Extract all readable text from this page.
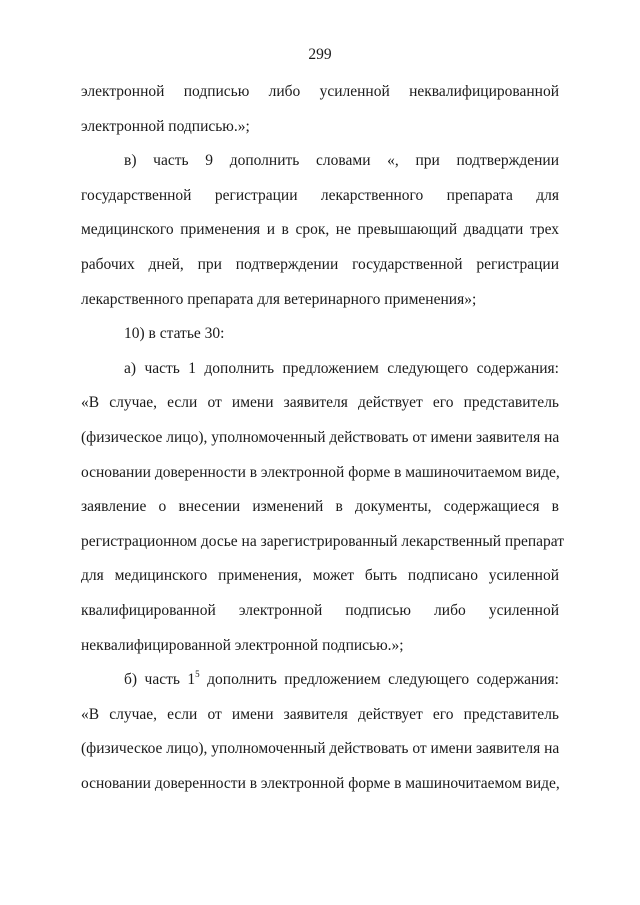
299
электронной подписью либо усиленной неквалифицированной
электронной подписью.»;
в) часть 9 дополнить словами «, при подтверждении
государственной регистрации лекарственного препарата для
медицинского применения и в срок, не превышающий двадцати трех
рабочих дней, при подтверждении государственной регистрации
лекарственного препарата для ветеринарного применения»;
10) в статье 30:
а) часть 1 дополнить предложением следующего содержания:
«В случае, если от имени заявителя действует его представитель
(физическое лицо), уполномоченный действовать от имени заявителя на
основании доверенности в электронной форме в машиночитаемом виде,
заявление о внесении изменений в документы, содержащиеся в
регистрационном досье на зарегистрированный лекарственный препарат
для медицинского применения, может быть подписано усиленной
квалифицированной электронной подписью либо усиленной
неквалифицированной электронной подписью.»;
б) часть $1^5$ дополнить предложением следующего содержания:
«В случае, если от имени заявителя действует его представитель
(физическое лицо), уполномоченный действовать от имени заявителя на
основании доверенности в электронной форме в машиночитаемом виде,
